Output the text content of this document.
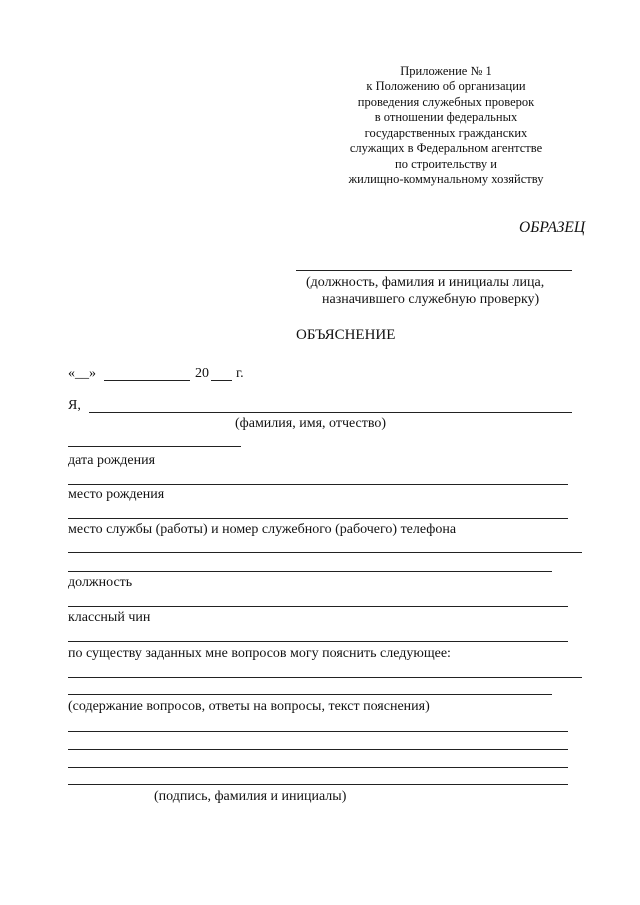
Приложение № 1
к Положению об организации
проведения служебных проверок
в отношении федеральных
государственных гражданских
служащих в Федеральном агентстве
по строительству и
жилищно-коммунальному хозяйству
ОБРАЗЕЦ
(должность, фамилия и инициалы лица,
назначившего служебную проверку)
ОБЪЯСНЕНИЕ
«__»	20 г.
Я,
(фамилия, имя, отчество)
дата рождения
место рождения
место службы (работы) и номер служебного (рабочего) телефона
должность
классный чин
по существу заданных мне вопросов могу пояснить следующее:
(содержание вопросов, ответы на вопросы, текст пояснения)
(подпись, фамилия и инициалы)
